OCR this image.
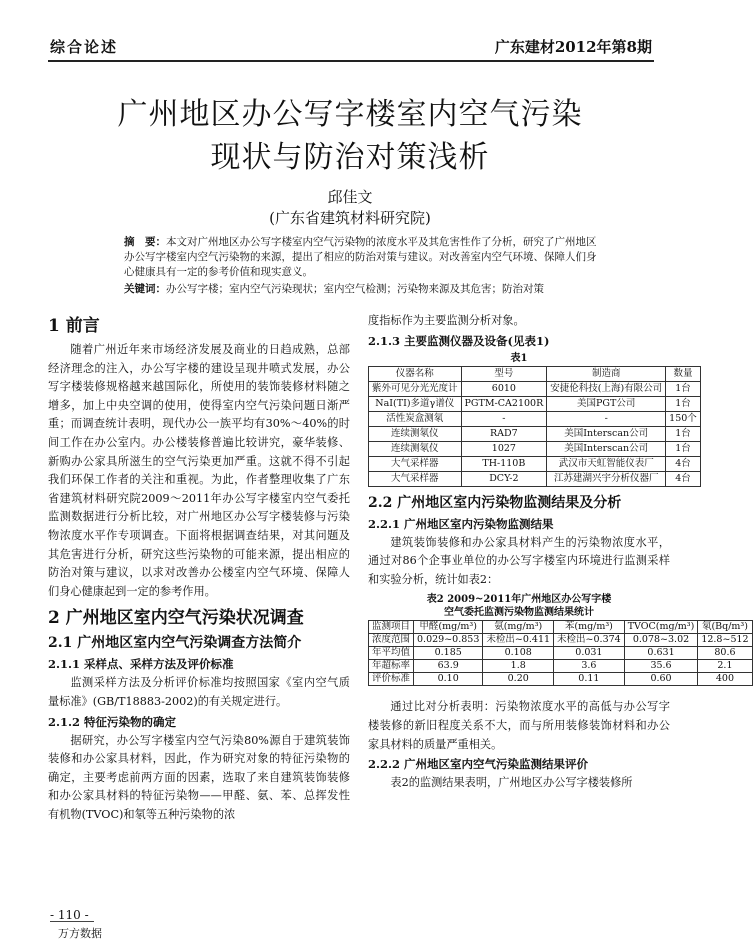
综合论述	广东建材2012年第8期
广州地区办公写字楼室内空气污染
现状与防治对策浅析
邱佳文
(广东省建筑材料研究院)
摘　要：本文对广州地区办公写字楼室内空气污染物的浓度水平及其危害性作了分析，研究了广州地区办公写字楼室内空气污染物的来源，提出了相应的防治对策与建议。对改善室内空气环境、保障人们身心健康具有一定的参考价值和现实意义。
关键词：办公写字楼；室内空气污染现状；室内空气检测；污染物来源及其危害；防治对策
1 前言

随着广州近年来市场经济发展及商业的日趋成熟，总部经济理念的注入，办公写字楼的建设呈现井喷式发展，办公写字楼装修规格越来越国际化，所使用的装饰装修材料随之增多，加上中央空调的使用，使得室内空气污染问题日渐严重；而调查统计表明，现代办公一族平均有30%～40%的时间工作在办公室内。办公楼装修普遍比较讲究，豪华装修、新购办公家具所滋生的空气污染更加严重。这就不得不引起我们环保工作者的关注和重视。为此，作者整理收集了广东省建筑材料研究院2009～2011年办公写字楼室内空气委托监测数据进行分析比较，对广州地区办公写字楼装修与污染物浓度水平作专项调查。下面将根据调查结果，对其问题及其危害进行分析，研究这些污染物的可能来源，提出相应的防治对策与建议，以求对改善办公楼室内空气环境、保障人们身心健康起到一定的参考作用。

2 广州地区室内空气污染状况调查
2.1 广州地区室内空气污染调查方法简介
2.1.1 采样点、采样方法及评价标准

监测采样方法及分析评价标准均按照国家《室内空气质量标准》(GB/T18883-2002)的有关规定进行。

2.1.2 特征污染物的确定

据研究，办公写字楼室内空气污染80%源自于建筑装饰装修和办公家具材料，因此，作为研究对象的特征污染物的确定，主要考虑前两方面的因素，选取了来自建筑装饰装修和办公家具材料的特征污染物——甲醛、氨、苯、总挥发性有机物(TVOC)和氡等五种污染物的浓

度指标作为主要监测分析对象。

2.1.3 主要监测仪器及设备(见表1)
表1
仪器名称	型号	制造商	数量
紫外可见分光光度计	6010	安捷伦科技(上海)有限公司	1台
NaI(TI)多道γ谱仪	PGTM-CA2100R	美国PGT公司	1台
活性炭盒测氡	-	-	150个
连续测氡仪	RAD7	美国Interscan公司	1台
连续测氡仪	1027	美国Interscan公司	1台
大气采样器	TH-110B	武汉市天虹智能仪表厂	4台
大气采样器	DCY-2	江苏建湖兴宇分析仪器厂	4台
2.2 广州地区室内污染物监测结果及分析
2.2.1 广州地区室内污染物监测结果

建筑装饰装修和办公家具材料产生的污染物浓度水平，通过对86个企事业单位的办公写字楼室内环境进行监测采样和实验分析，统计如表2：

表2 2009~2011年广州地区办公写字楼
空气委托监测污染物监测结果统计
监测项目	甲醛(mg/m³)	氨(mg/m³)	苯(mg/m³)	TVOC(mg/m³)	氡(Bq/m³)
浓度范围	0.029~0.853	未检出~0.411	未检出~0.374	0.078~3.02	12.8~512
年平均值	0.185	0.108	0.031	0.631	80.6
年超标率	63.9	1.8	3.6	35.6	2.1
评价标准	0.10	0.20	0.11	0.60	400

通过比对分析表明：污染物浓度水平的高低与办公写字楼装修的新旧程度关系不大，而与所用装修装饰材料和办公家具材料的质量严重相关。

2.2.2 广州地区室内空气污染监测结果评价

表2的监测结果表明，广州地区办公写字楼装修所

- 110 -
万方数据
